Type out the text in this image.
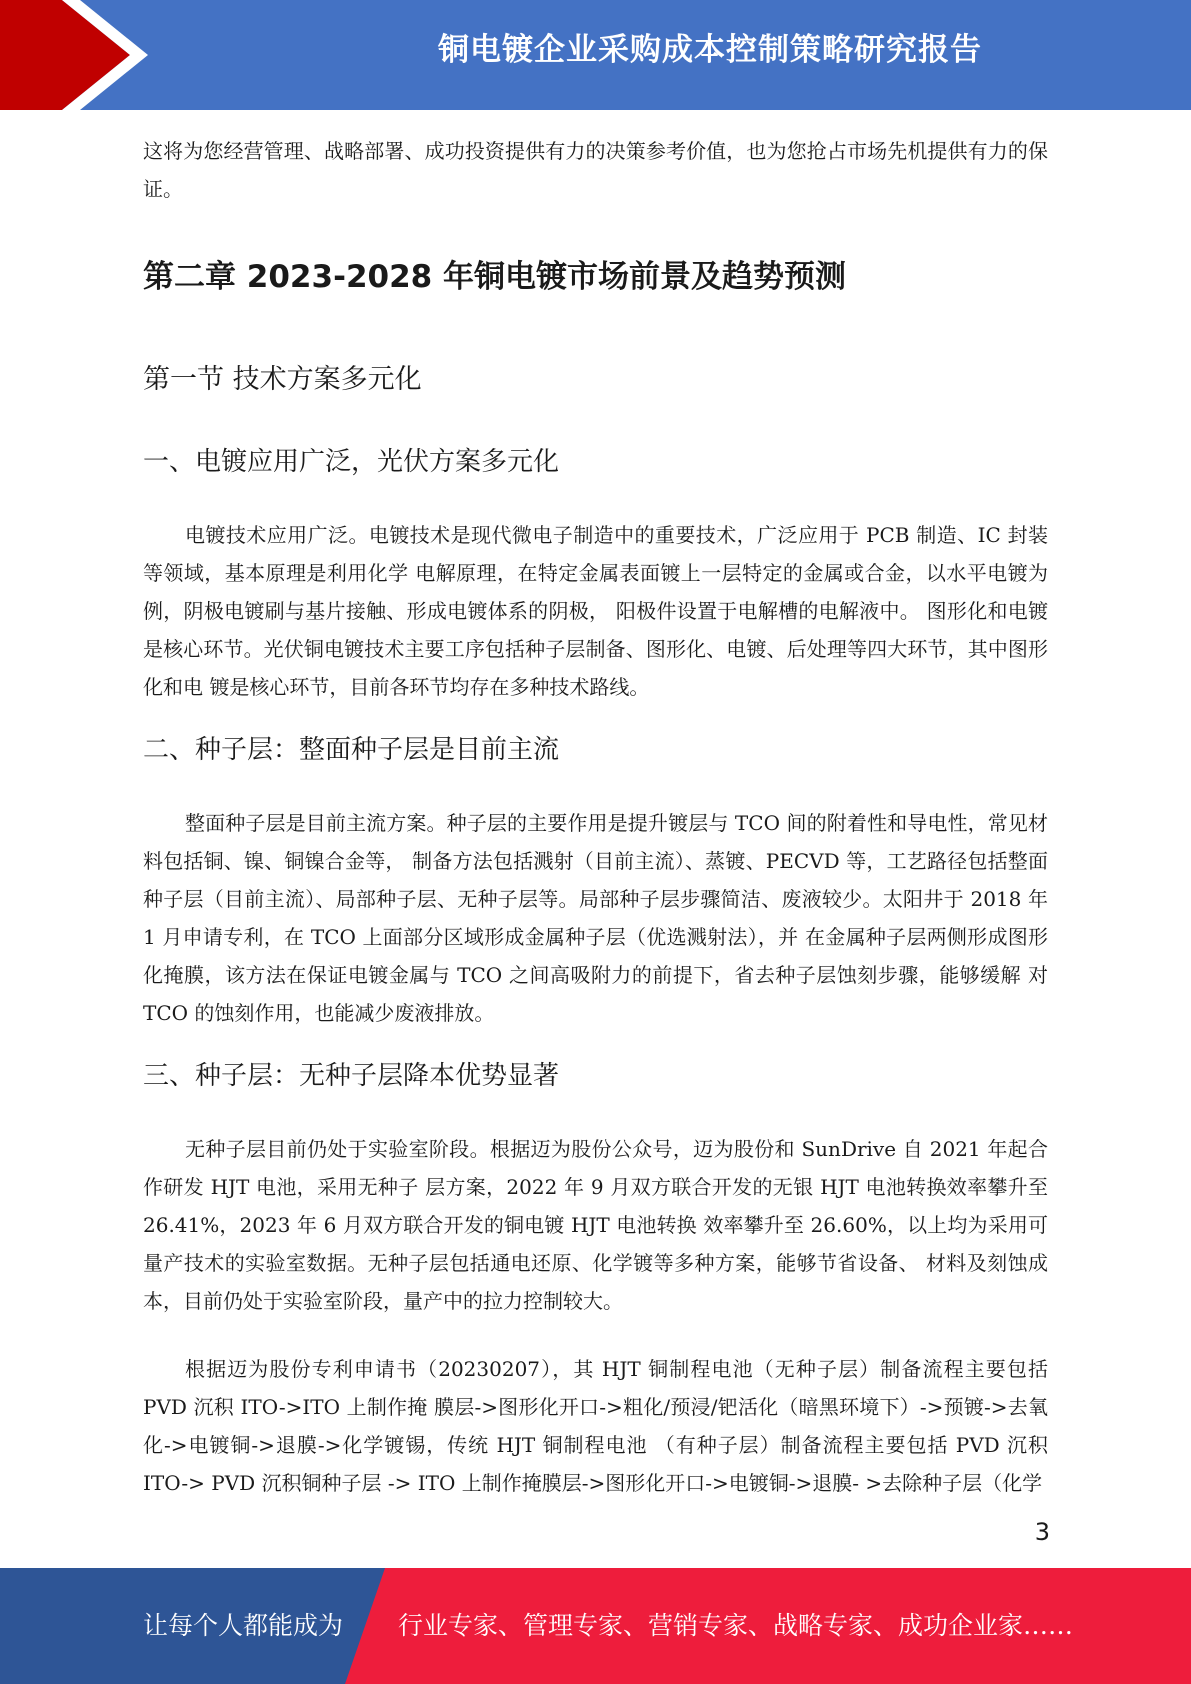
铜电镀企业采购成本控制策略研究报告

这将为您经营管理、战略部署、成功投资提供有力的决策参考价值，也为您抢占市场先机提供有力的保证。

第二章 2023-2028 年铜电镀市场前景及趋势预测
第一节 技术方案多元化
一、电镀应用广泛，光伏方案多元化

电镀技术应用广泛。电镀技术是现代微电子制造中的重要技术，广泛应用于 PCB 制造、IC 封装等领域，基本原理是利用化学 电解原理，在特定金属表面镀上一层特定的金属或合金，以水平电镀为例，阴极电镀刷与基片接触、形成电镀体系的阴极， 阳极件设置于电解槽的电解液中。 图形化和电镀是核心环节。光伏铜电镀技术主要工序包括种子层制备、图形化、电镀、后处理等四大环节，其中图形化和电 镀是核心环节，目前各环节均存在多种技术路线。

二、种子层：整面种子层是目前主流

整面种子层是目前主流方案。种子层的主要作用是提升镀层与 TCO 间的附着性和导电性，常见材料包括铜、镍、铜镍合金等， 制备方法包括溅射（目前主流）、蒸镀、PECVD 等，工艺路径包括整面种子层（目前主流）、局部种子层、无种子层等。局部种子层步骤简洁、废液较少。太阳井于 2018 年 1 月申请专利，在 TCO 上面部分区域形成金属种子层（优选溅射法），并 在金属种子层两侧形成图形化掩膜，该方法在保证电镀金属与 TCO 之间高吸附力的前提下，省去种子层蚀刻步骤，能够缓解 对 TCO 的蚀刻作用，也能减少废液排放。

三、种子层：无种子层降本优势显著

无种子层目前仍处于实验室阶段。根据迈为股份公众号，迈为股份和 SunDrive 自 2021 年起合作研发 HJT 电池，采用无种子 层方案，2022 年 9 月双方联合开发的无银 HJT 电池转换效率攀升至 26.41%，2023 年 6 月双方联合开发的铜电镀 HJT 电池转换 效率攀升至 26.60%，以上均为采用可量产技术的实验室数据。无种子层包括通电还原、化学镀等多种方案，能够节省设备、 材料及刻蚀成本，目前仍处于实验室阶段，量产中的拉力控制较大。

根据迈为股份专利申请书（20230207），其 HJT 铜制程电池（无种子层）制备流程主要包括 PVD 沉积 ITO->ITO 上制作掩 膜层->图形化开口->粗化/预浸/钯活化（暗黑环境下）->预镀->去氧化->电镀铜->退膜->化学镀锡，传统 HJT 铜制程电池 （有种子层）制备流程主要包括 PVD 沉积 ITO-> PVD 沉积铜种子层 -> ITO 上制作掩膜层->图形化开口->电镀铜->退膜- >去除种子层（化学

3
让每个人都能成为 行业专家、管理专家、营销专家、战略专家、成功企业家……
